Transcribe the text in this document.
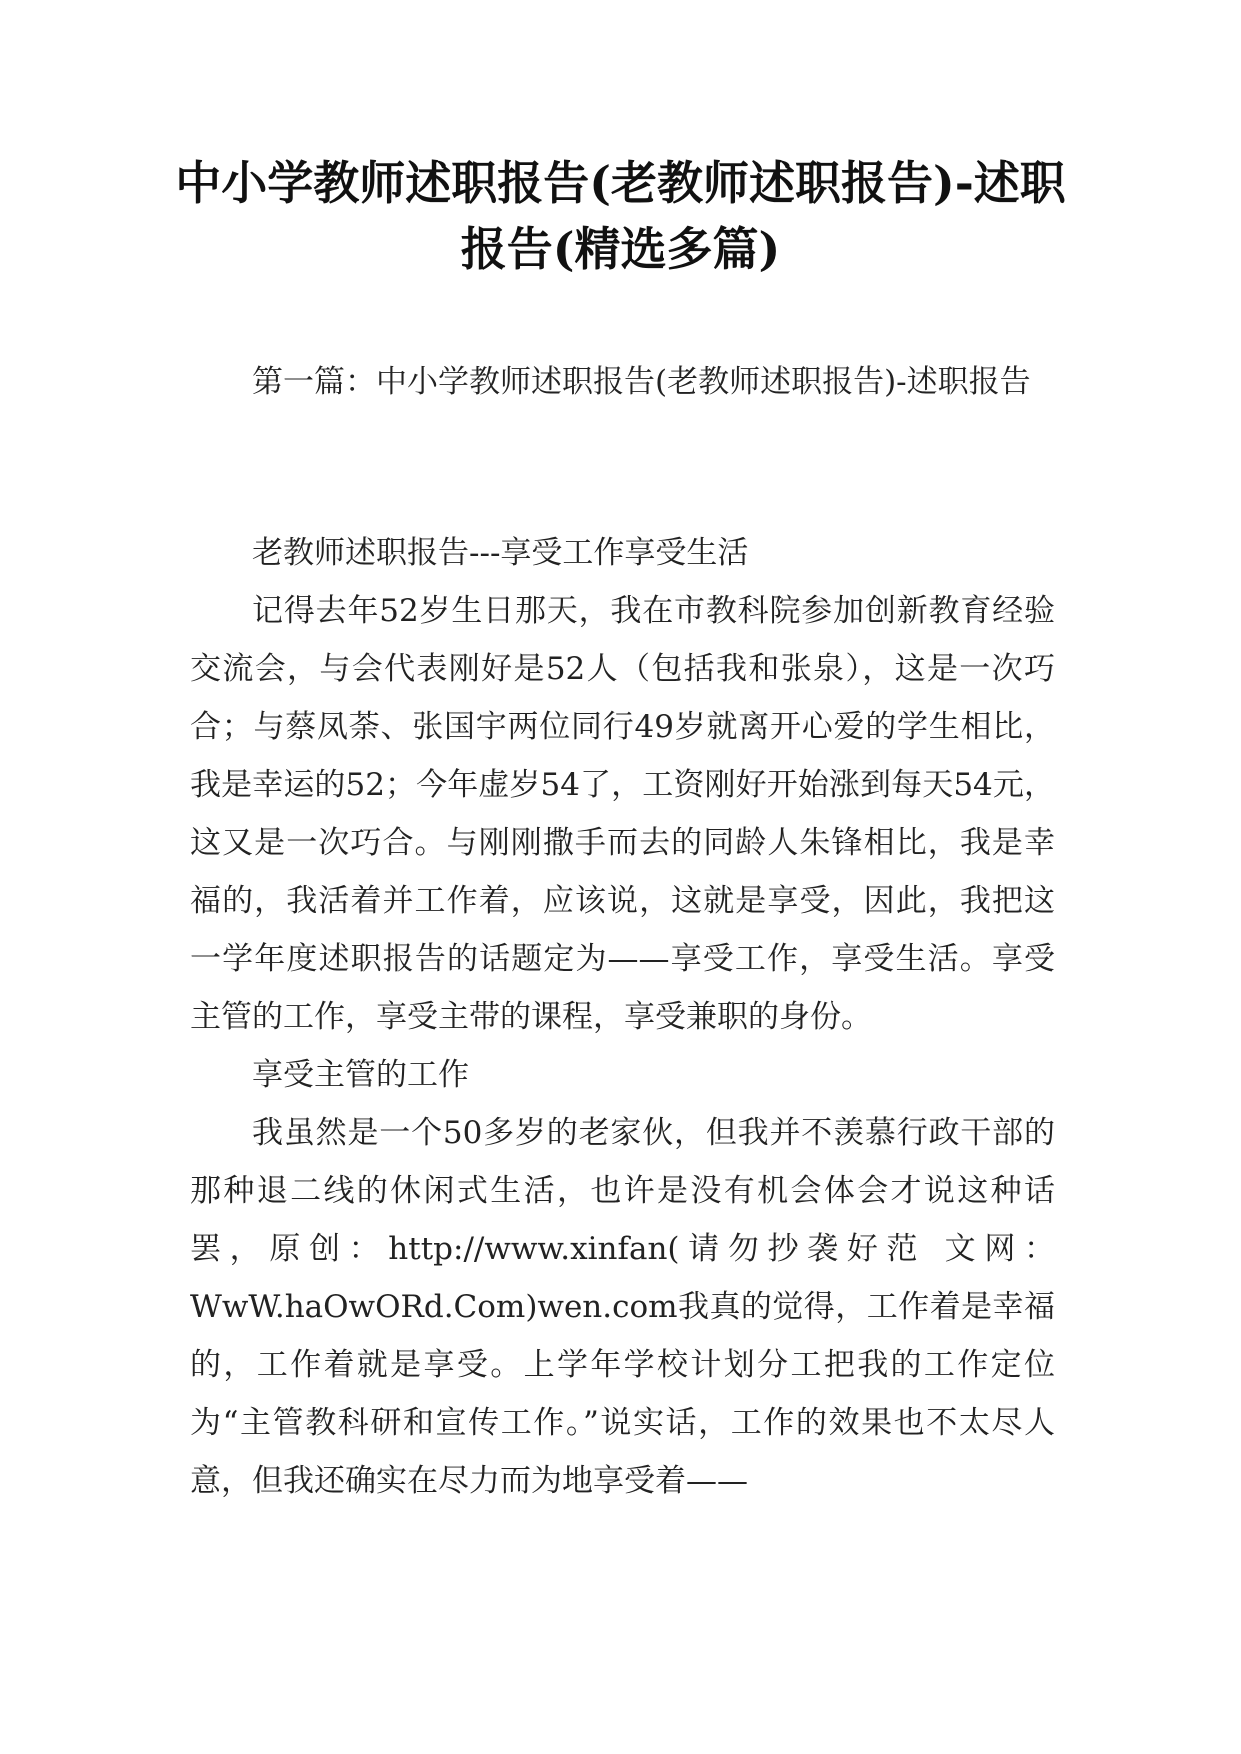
中小学教师述职报告(老教师述职报告)-述职报告(精选多篇)

第一篇：中小学教师述职报告(老教师述职报告)-述职报告

老教师述职报告---享受工作享受生活

记得去年52岁生日那天，我在市教科院参加创新教育经验交流会，与会代表刚好是52人（包括我和张泉），这是一次巧合；与蔡凤荼、张国宇两位同行49岁就离开心爱的学生相比，我是幸运的52；今年虚岁54了，工资刚好开始涨到每天54元，这又是一次巧合。与刚刚撒手而去的同龄人朱锋相比，我是幸福的，我活着并工作着，应该说，这就是享受，因此，我把这一学年度述职报告的话题定为——享受工作，享受生活。享受主管的工作，享受主带的课程，享受兼职的身份。

享受主管的工作

我虽然是一个50多岁的老家伙，但我并不羡慕行政干部的那种退二线的休闲式生活，也许是没有机会体会才说这种话罢，原创：http://www.xinfan(请勿抄袭好范 文网：WwW.haOwORd.Com)wen.com我真的觉得，工作着是幸福的，工作着就是享受。上学年学校计划分工把我的工作定位为“主管教科研和宣传工作。”说实话，工作的效果也不太尽人意，但我还确实在尽力而为地享受着——
